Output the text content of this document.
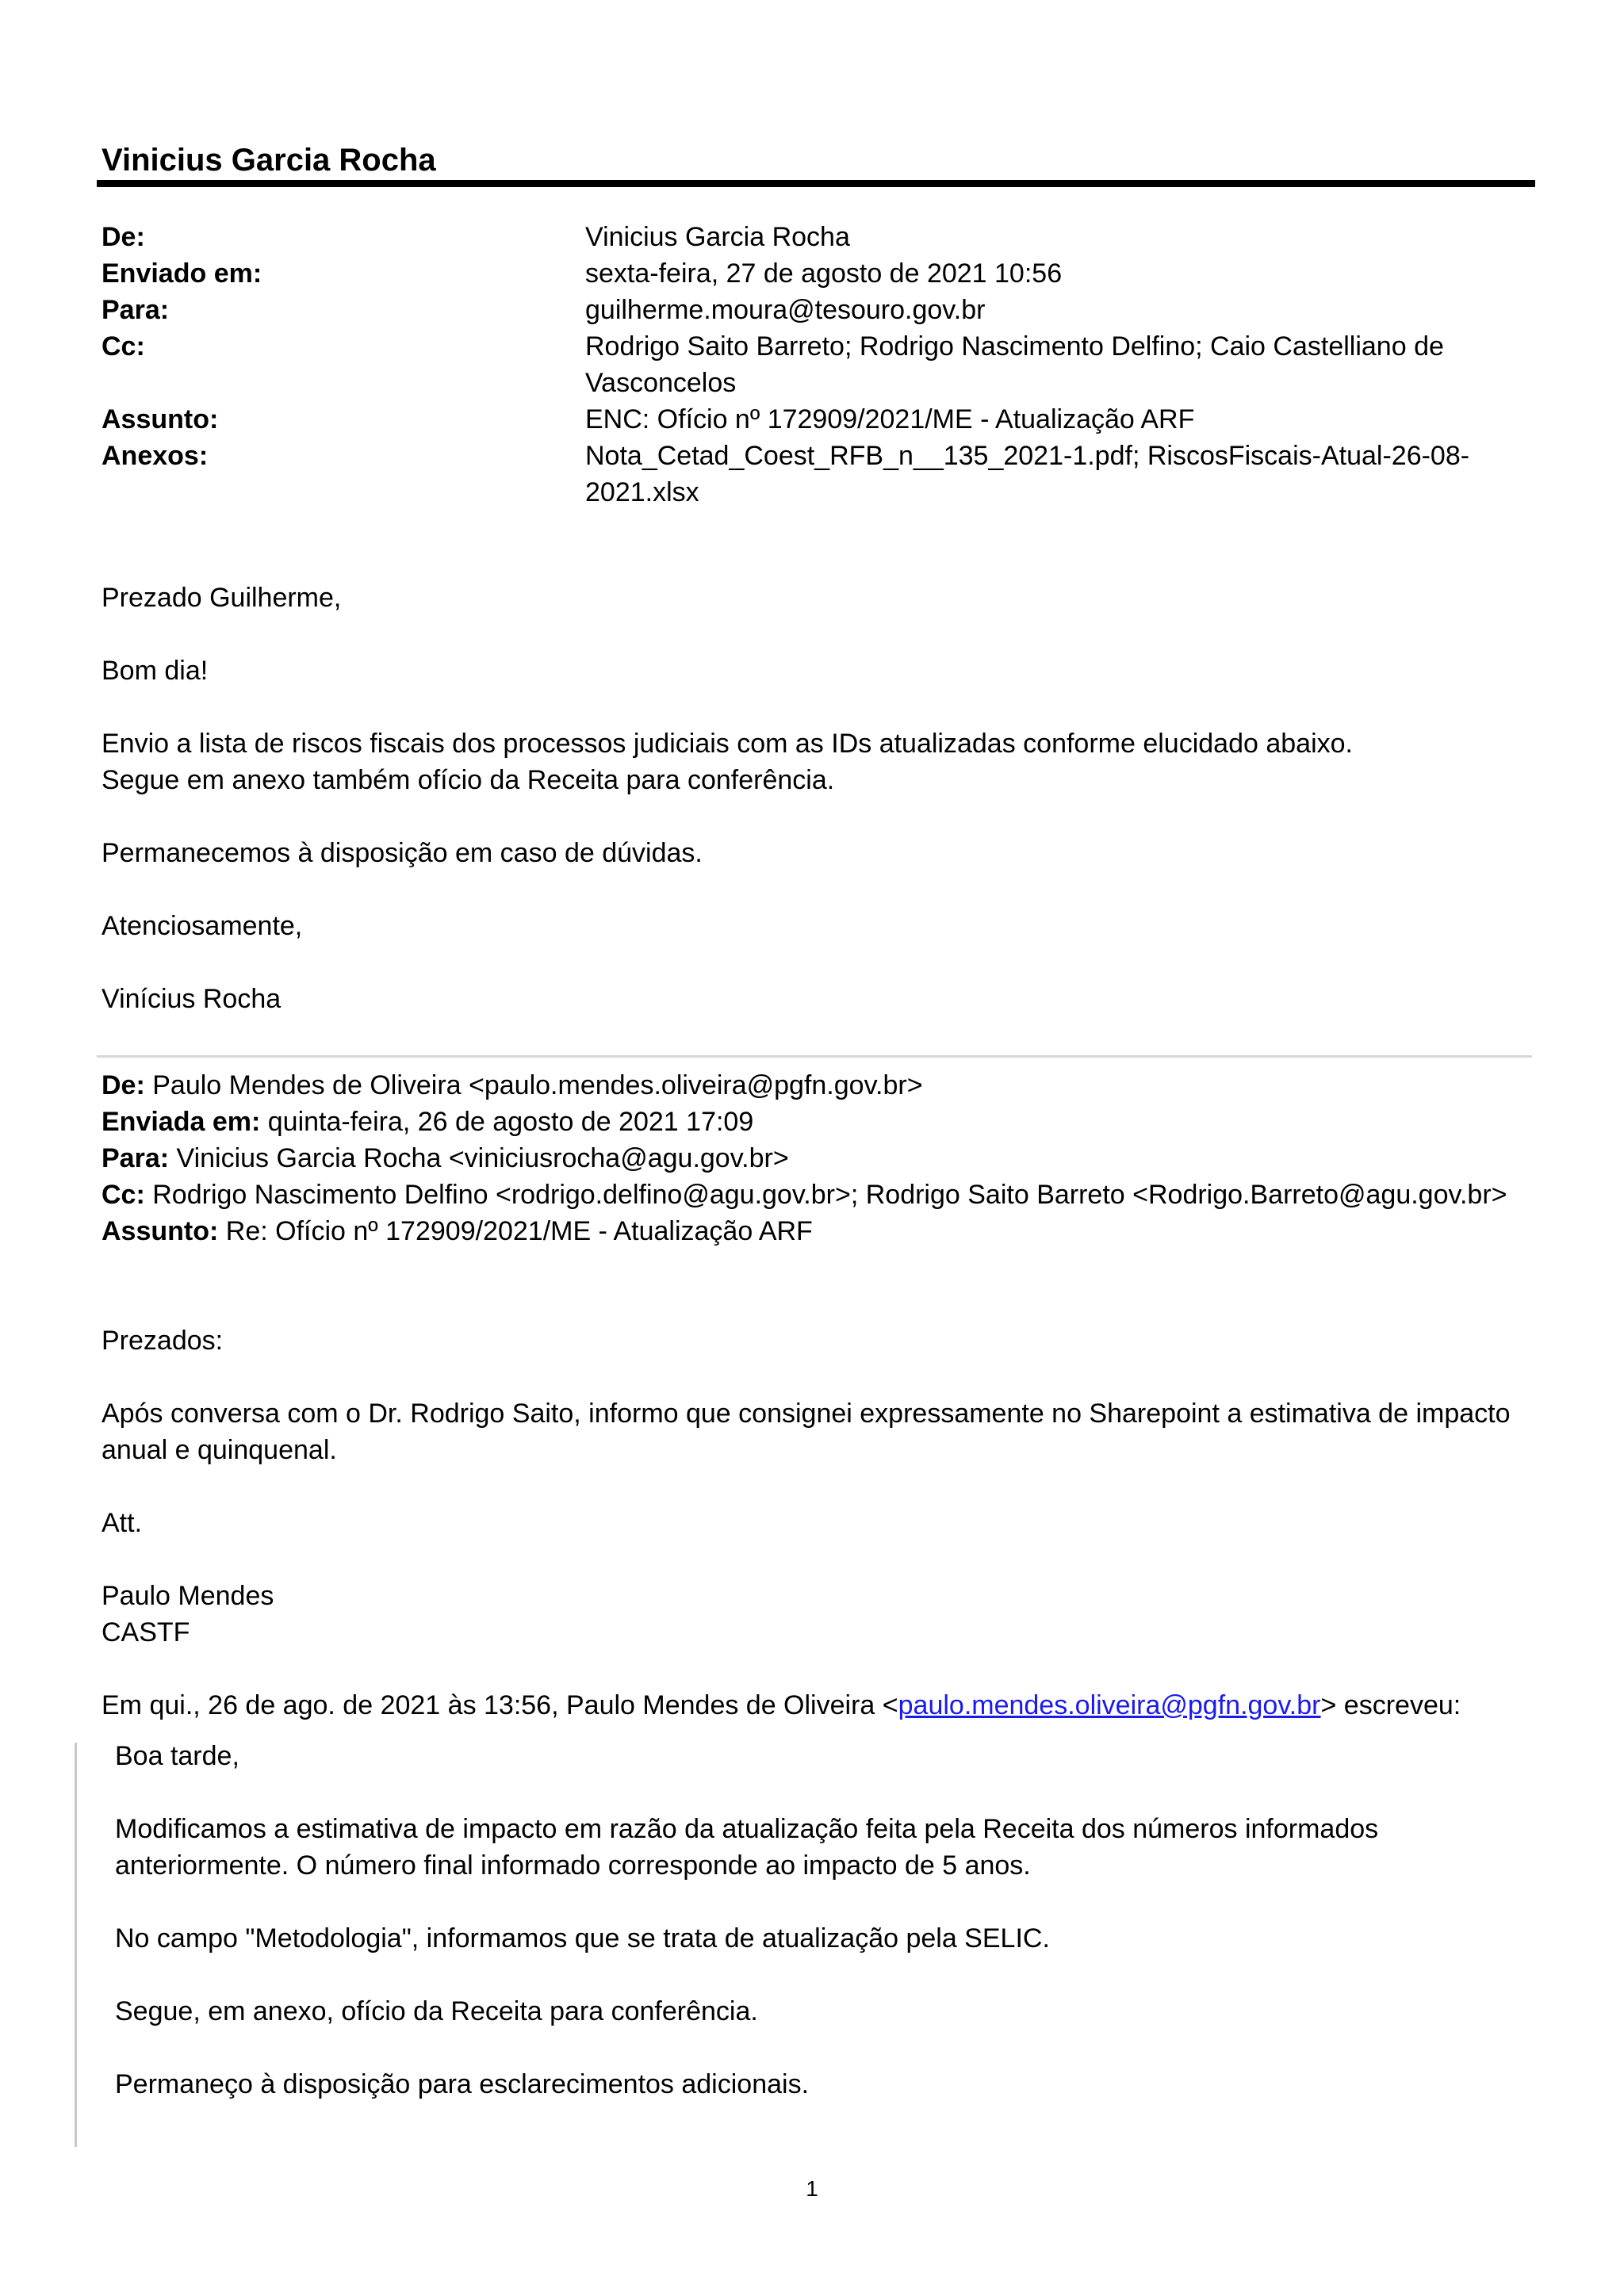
Vinicius Garcia Rocha
De:	Vinicius Garcia Rocha
Enviado em:	sexta-feira, 27 de agosto de 2021 10:56
Para:	guilherme.moura@tesouro.gov.br
Cc:	Rodrigo Saito Barreto; Rodrigo Nascimento Delfino; Caio Castelliano de Vasconcelos
Assunto:	ENC: Ofício nº 172909/2021/ME - Atualização ARF
Anexos:	Nota_Cetad_Coest_RFB_n__135_2021-1.pdf; RiscosFiscais-Atual-26-08-2021.xlsx

Prezado Guilherme,

Bom dia!

Envio a lista de riscos fiscais dos processos judiciais com as IDs atualizadas conforme elucidado abaixo.

Segue em anexo também ofício da Receita para conferência.

Permanecemos à disposição em caso de dúvidas.

Atenciosamente,

Vinícius Rocha

De: Paulo Mendes de Oliveira <paulo.mendes.oliveira@pgfn.gov.br>
Enviada em: quinta-feira, 26 de agosto de 2021 17:09
Para: Vinicius Garcia Rocha <viniciusrocha@agu.gov.br>
Cc: Rodrigo Nascimento Delfino <rodrigo.delfino@agu.gov.br>; Rodrigo Saito Barreto <Rodrigo.Barreto@agu.gov.br>
Assunto: Re: Ofício nº 172909/2021/ME - Atualização ARF

Prezados:

Após conversa com o Dr. Rodrigo Saito, informo que consignei expressamente no Sharepoint a estimativa de impacto anual e quinquenal.

Att.

Paulo Mendes

CASTF

Em qui., 26 de ago. de 2021 às 13:56, Paulo Mendes de Oliveira <paulo.mendes.oliveira@pgfn.gov.br> escreveu:

Boa tarde,

Modificamos a estimativa de impacto em razão da atualização feita pela Receita dos números informados anteriormente. O número final informado corresponde ao impacto de 5 anos.

No campo "Metodologia", informamos que se trata de atualização pela SELIC.

Segue, em anexo, ofício da Receita para conferência.

Permaneço à disposição para esclarecimentos adicionais.

1
